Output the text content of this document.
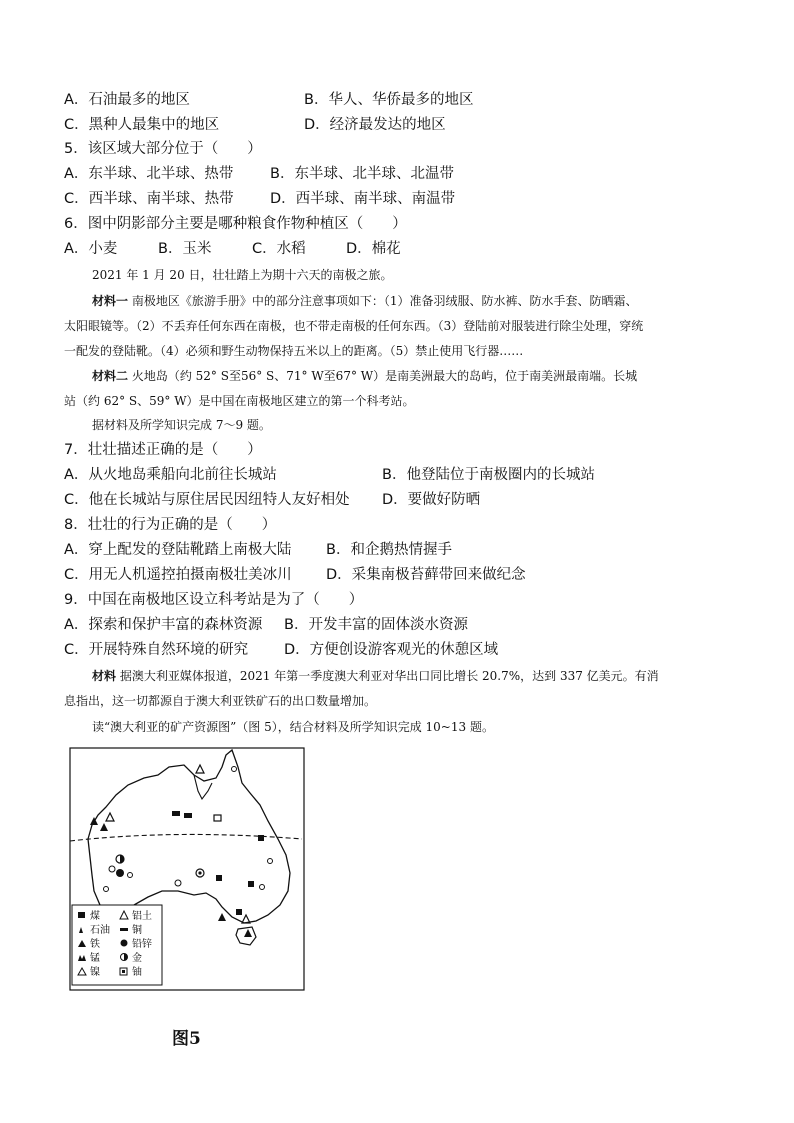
A．石油最多的地区	B．华人、华侨最多的地区
C．黑种人最集中的地区	D．经济最发达的地区
5．该区域大部分位于（　　）
A．东半球、北半球、热带	B．东半球、北半球、北温带
C．西半球、南半球、热带	D．西半球、南半球、南温带
6．图中阴影部分主要是哪种粮食作物种植区（　　）
A．小麦	B．玉米	C．水稻	D．棉花
2021 年 1 月 20 日，壮壮踏上为期十六天的南极之旅。
材料一 南极地区《旅游手册》中的部分注意事项如下：（1）准备羽绒服、防水裤、防水手套、防晒霜、
太阳眼镜等。（2）不丢弃任何东西在南极，也不带走南极的任何东西。（3）登陆前对服装进行除尘处理，穿统
一配发的登陆靴。（4）必须和野生动物保持五米以上的距离。（5）禁止使用飞行器……
材料二 火地岛（约 52° S至56° S、71° W至67° W）是南美洲最大的岛屿，位于南美洲最南端。长城
站（约 62° S、59° W）是中国在南极地区建立的第一个科考站。
据材料及所学知识完成 7～9 题。
7．壮壮描述正确的是（　　）
A．从火地岛乘船向北前往长城站	B．他登陆位于南极圈内的长城站
C．他在长城站与原住居民因纽特人友好相处 D．要做好防晒
8．壮壮的行为正确的是（　　）
A．穿上配发的登陆靴踏上南极大陆 B．和企鹅热情握手
C．用无人机遥控拍摄南极壮美冰川 D．采集南极苔藓带回来做纪念
9．中国在南极地区设立科考站是为了（　　）
A．探索和保护丰富的森林资源 B．开发丰富的固体淡水资源
C．开展特殊自然环境的研究 D．方便创设游客观光的休憩区域
材料 据澳大利亚媒体报道，2021 年第一季度澳大利亚对华出口同比增长 20.7%，达到 337 亿美元。有消
息指出，这一切都源自于澳大利亚铁矿石的出口数量增加。
读“澳大利亚的矿产资源图”（图 5），结合材料及所学知识完成 10~13 题。
煤	铝土
石油 铜
铁	铅锌
锰	金
镍	铀
图5
